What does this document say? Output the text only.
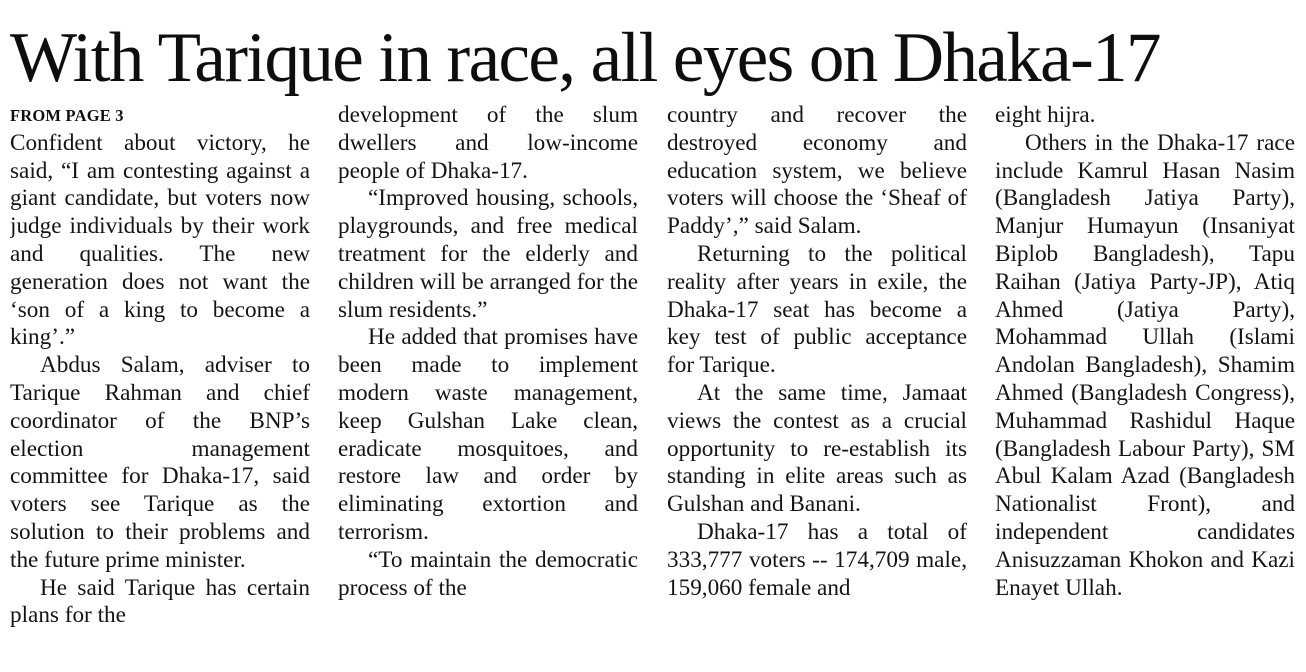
With Tarique in race, all eyes on Dhaka-17
FROM PAGE 3

Confident about victory, he said, “I am contesting against a giant candidate, but voters now judge individuals by their work and qualities. The new generation does not want the ‘son of a king to become a king’.”

Abdus Salam, adviser to Tarique Rahman and chief coordinator of the BNP’s election management committee for Dhaka-17, said voters see Tarique as the solution to their problems and the future prime minister.

He said Tarique has certain plans for the

development of the slum dwellers and low-income people of Dhaka-17.

“Improved housing, schools, playgrounds, and free medical treatment for the elderly and children will be arranged for the slum residents.”

He added that promises have been made to implement modern waste management, keep Gulshan Lake clean, eradicate mosquitoes, and restore law and order by eliminating extortion and terrorism.

“To maintain the democratic process of the

country and recover the destroyed economy and education system, we believe voters will choose the ‘Sheaf of Paddy’,” said Salam.

Returning to the political reality after years in exile, the Dhaka-17 seat has become a key test of public acceptance for Tarique.

At the same time, Jamaat views the contest as a crucial opportunity to re-establish its standing in elite areas such as Gulshan and Banani.

Dhaka-17 has a total of 333,777 voters -- 174,709 male, 159,060 female and

eight hijra.

Others in the Dhaka-17 race include Kamrul Hasan Nasim (Bangladesh Jatiya Party), Manjur Humayun (Insaniyat Biplob Bangladesh), Tapu Raihan (Jatiya Party-JP), Atiq Ahmed (Jatiya Party), Mohammad Ullah (Islami Andolan Bangladesh), Shamim Ahmed (Bangladesh Congress), Muhammad Rashidul Haque (Bangladesh Labour Party), SM Abul Kalam Azad (Bangladesh Nationalist Front), and independent candidates Anisuzzaman Khokon and Kazi Enayet Ullah.
